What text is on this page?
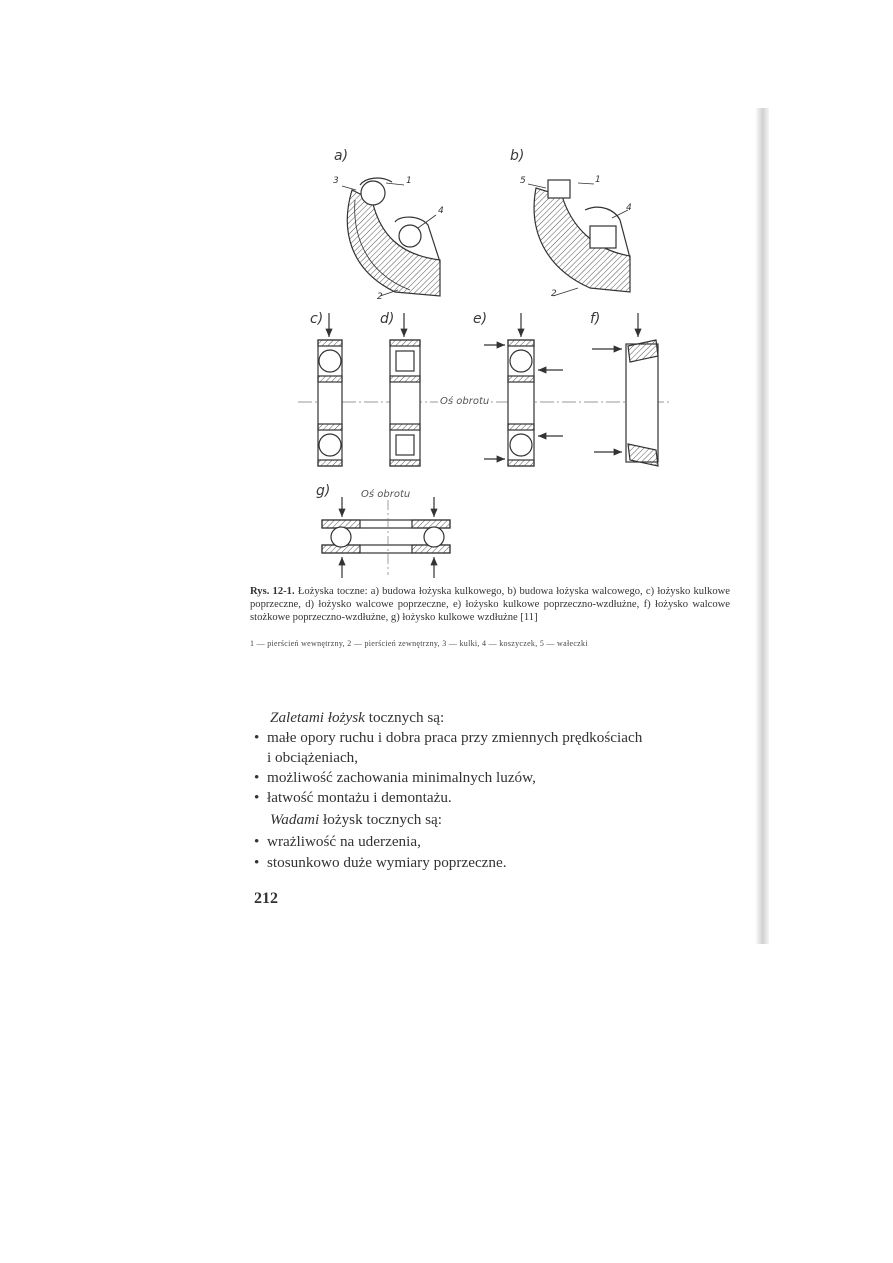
a)	b)
c)	d)	e)	f)
g)
3	1
4
2
5	1
4
2
Oś obrotu
Oś obrotu
Rys. 12-1. Łożyska toczne: a) budowa łożyska kulkowego, b) budowa łożyska walcowego, c) łożysko kulkowe poprzeczne, d) łożysko walcowe poprzeczne, e) łożysko kulkowe poprzeczno-wzdłużne, f) łożysko walcowe stożkowe poprzeczno-wzdłużne, g) łożysko kulkowe wzdłużne [11]
1 — pierścień wewnętrzny, 2 — pierścień zewnętrzny, 3 — kulki, 4 — koszyczek, 5 — wałeczki
Zaletami łożysk tocznych są:
• małe opory ruchu i dobra praca przy zmiennych prędkościach
i obciążeniach,
• możliwość zachowania minimalnych luzów,
• łatwość montażu i demontażu.
Wadami łożysk tocznych są:
• wrażliwość na uderzenia,
• stosunkowo duże wymiary poprzeczne.
212
